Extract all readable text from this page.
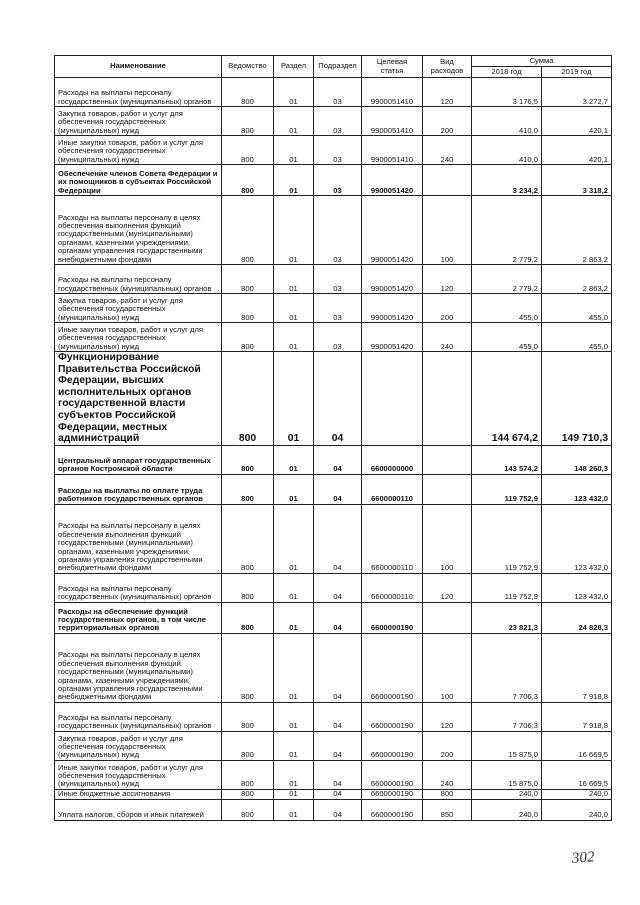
Наименование	Ведомство	Раздел	Подраздел	Целевая статья	Вид расходов	Сумма	
						2018 год	2019 год
Расходы на выплаты персоналу государственных (муниципальных) органов	800	01	03	9900051410	120	3 176,5	3 272,7
Закупка товаров, работ и услуг для обеспечения государственных (муниципальных) нужд	800	01	03	9900051410	200	410,0	420,1
Иные закупки товаров, работ и услуг для обеспечения государственных (муниципальных) нужд	800	01	03	9900051410	240	410,0	420,1
Обеспечение членов Совета Федерации и их помощников в субъектах Российской Федерации	800	01	03	9900051420		3 234,2	3 318,2
Расходы на выплаты персоналу в целях обеспечения выполнения функций государственными (муниципальными) органами, казенными учреждениями, органами управления государственными внебюджетными фондами	800	01	03	9900051420	100	2 779,2	2 863,2
Расходы на выплаты персоналу государственных (муниципальных) органов	800	01	03	9900051420	120	2 779,2	2 863,2
Закупка товаров, работ и услуг для обеспечения государственных (муниципальных) нужд	800	01	03	9900051420	200	455,0	455,0
Иные закупки товаров, работ и услуг для обеспечения государственных (муниципальных) нужд	800	01	03	9900051420	240	455,0	455,0
Функционирование Правительства Российской Федерации, высших исполнительных органов государственной власти субъектов Российской Федерации, местных администраций	800	01	04			144 674,2	149 710,3
Центральный аппарат государственных органов Костромской области	800	01	04	6600000000		143 574,2	148 260,3
Расходы на выплаты по оплате труда работников государственных органов	800	01	04	6600000110		119 752,9	123 432,0
Расходы на выплаты персоналу в целях обеспечения выполнения функций государственными (муниципальными) органами, казенными учреждениями, органами управления государственными внебюджетными фондами	800	01	04	6600000110	100	119 752,9	123 432,0
Расходы на выплаты персоналу государственных (муниципальных) органов	800	01	04	6600000110	120	119 752,9	123 432,0
Расходы на обеспечение функций государственных органов, в том числе территориальных органов	800	01	04	6600000190		23 821,3	24 828,3
Расходы на выплаты персоналу в целях обеспечения выполнения функций государственными (муниципальными) органами, казенными учреждениями, органами управления государственными внебюджетными фондами	800	01	04	6600000190	100	7 706,3	7 918,8
Расходы на выплаты персоналу государственных (муниципальных) органов	800	01	04	6600000190	120	7 706,3	7 918,8
Закупка товаров, работ и услуг для обеспечения государственных (муниципальных) нужд	800	01	04	6600000190	200	15 875,0	16 669,5
Иные закупки товаров, работ и услуг для обеспечения государственных (муниципальных) нужд	800	01	04	6600000190	240	15 875,0	16 669,5
Иные бюджетные ассигнования	800	01	04	6600000190	800	240,0	240,0
Уплата налогов, сборов и иных платежей	800	01	04	6600000190	850	240,0	240,0
302
